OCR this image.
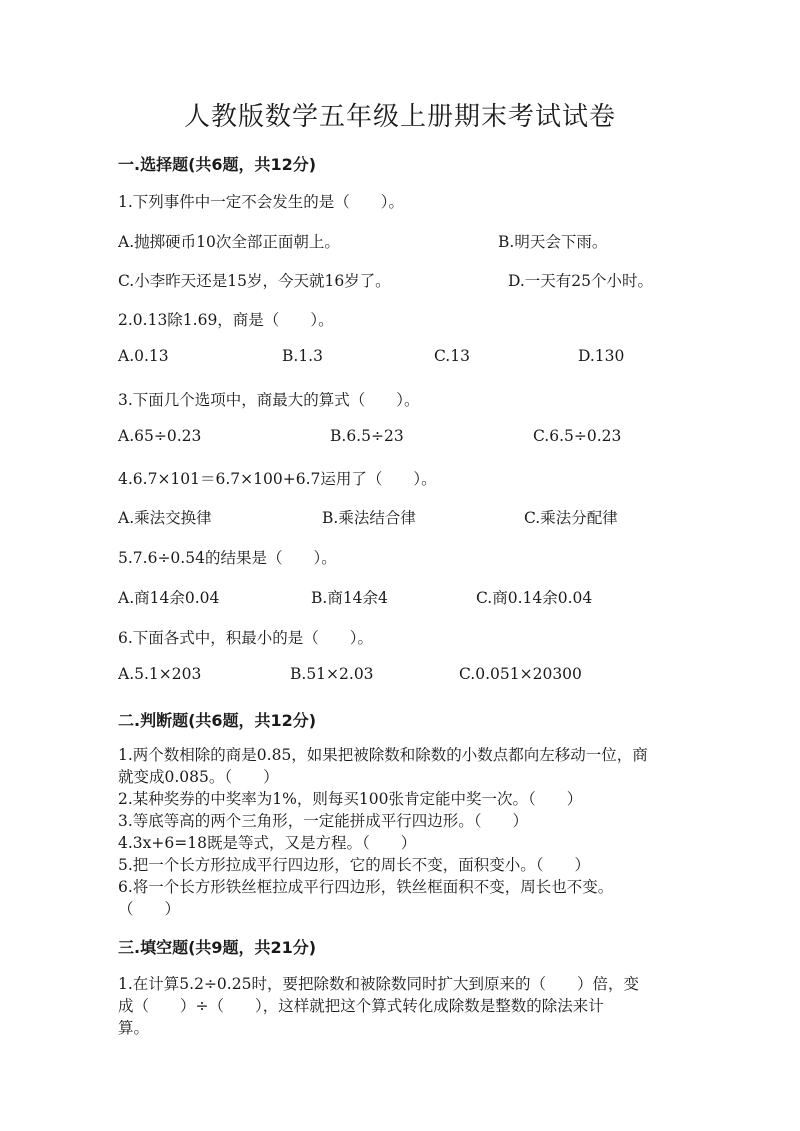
人教版数学五年级上册期末考试试卷
一.选择题(共6题，共12分)
1.下列事件中一定不会发生的是（　　）。
A.抛掷硬币10次全部正面朝上。	B.明天会下雨。
C.小李昨天还是15岁，今天就16岁了。	D.一天有25个小时。
2.0.13除1.69，商是（　　）。
A.0.13	B.1.3	C.13	D.130
3.下面几个选项中，商最大的算式（　　）。
A.65÷0.23	B.6.5÷23	C.6.5÷0.23
4.6.7×101＝6.7×100+6.7运用了（　　）。
A.乘法交换律	B.乘法结合律	C.乘法分配律
5.7.6÷0.54的结果是（　　）。
A.商14余0.04	B.商14余4	C.商0.14余0.04
6.下面各式中，积最小的是（　　）。
A.5.1×203	B.51×2.03	C.0.051×20300
二.判断题(共6题，共12分)
1.两个数相除的商是0.85，如果把被除数和除数的小数点都向左移动一位，商
就变成0.085。（　　）
2.某种奖券的中奖率为1%，则每买100张肯定能中奖一次。（　　）
3.等底等高的两个三角形，一定能拼成平行四边形。（　　）
4.3x+6=18既是等式，又是方程。（　　）
5.把一个长方形拉成平行四边形，它的周长不变，面积变小。（　　）
6.将一个长方形铁丝框拉成平行四边形，铁丝框面积不变，周长也不变。
（　　）
三.填空题(共9题，共21分)
1.在计算5.2÷0.25时，要把除数和被除数同时扩大到原来的（　　）倍，变
成（　　）÷（　　），这样就把这个算式转化成除数是整数的除法来计
算。
